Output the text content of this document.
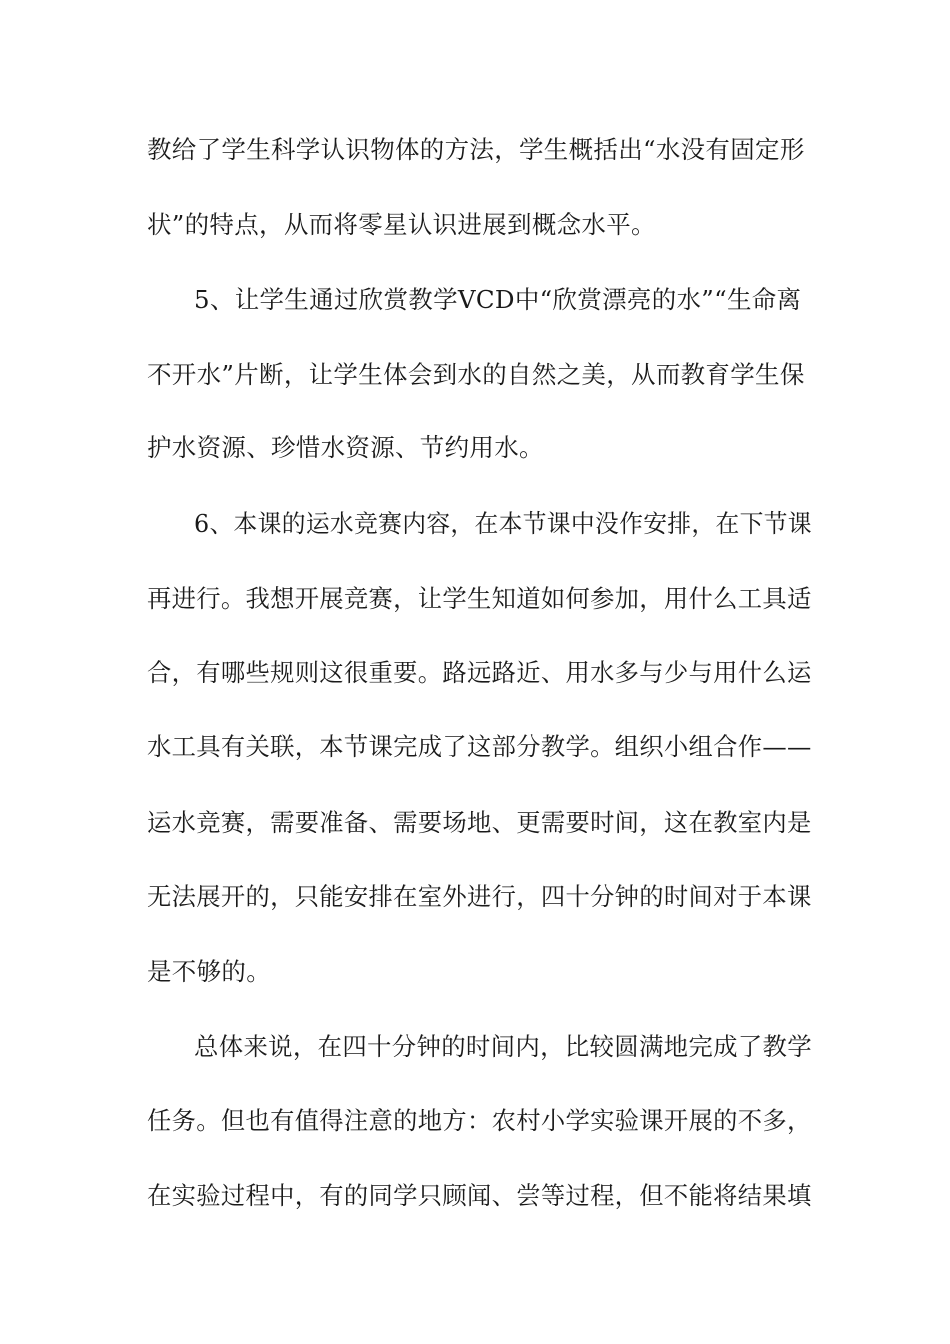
教给了学生科学认识物体的方法，学生概括出“水没有固定形
状”的特点，从而将零星认识进展到概念水平。
5、让学生通过欣赏教学VCD中“欣赏漂亮的水”“生命离
不开水”片断，让学生体会到水的自然之美，从而教育学生保
护水资源、珍惜水资源、节约用水。
6、本课的运水竞赛内容，在本节课中没作安排，在下节课
再进行。我想开展竞赛，让学生知道如何参加，用什么工具适
合，有哪些规则这很重要。路远路近、用水多与少与用什么运
水工具有关联，本节课完成了这部分教学。组织小组合作——
运水竞赛，需要准备、需要场地、更需要时间，这在教室内是
无法展开的，只能安排在室外进行，四十分钟的时间对于本课
是不够的。
总体来说，在四十分钟的时间内，比较圆满地完成了教学
任务。但也有值得注意的地方：农村小学实验课开展的不多，
在实验过程中，有的同学只顾闻、尝等过程，但不能将结果填
